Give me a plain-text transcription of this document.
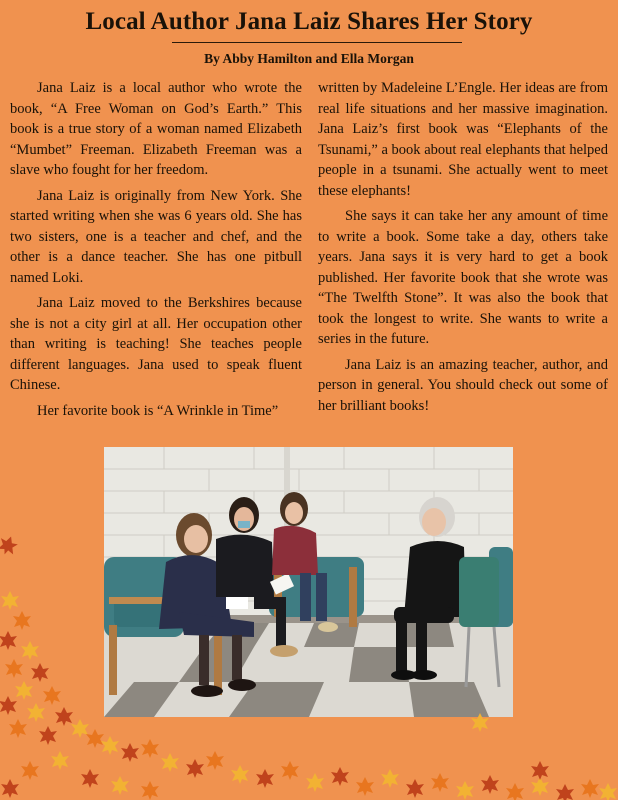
Local Author Jana Laiz Shares Her Story
By Abby Hamilton and Ella Morgan

Jana Laiz is a local author who wrote the book, “A Free Woman on God’s Earth.” This book is a true story of a woman named Elizabeth “Mumbet” Freeman. Elizabeth Freeman was a slave who fought for her freedom.

Jana Laiz is originally from New York. She started writing when she was 6 years old. She has two sisters, one is a teacher and chef, and the other is a dance teacher. She has one pitbull named Loki.

Jana Laiz moved to the Berkshires because she is not a city girl at all. Her occupation other than writing is teaching! She teaches people different languages. Jana used to speak fluent Chinese.

Her favorite book is “A Wrinkle in Time”

written by Madeleine L’Engle. Her ideas are from real life situations and her massive imagination. Jana Laiz’s first book was “Elephants of the Tsunami,” a book about real elephants that helped people in a tsunami. She actually went to meet these elephants!

She says it can take her any amount of time to write a book. Some take a day, others take years. Jana says it is very hard to get a book published. Her favorite book that she wrote was “The Twelfth Stone”. It was also the book that took the longest to write. She wants to write a series in the future.

Jana Laiz is an amazing teacher, author, and person in general. You should check out some of her brilliant books!
